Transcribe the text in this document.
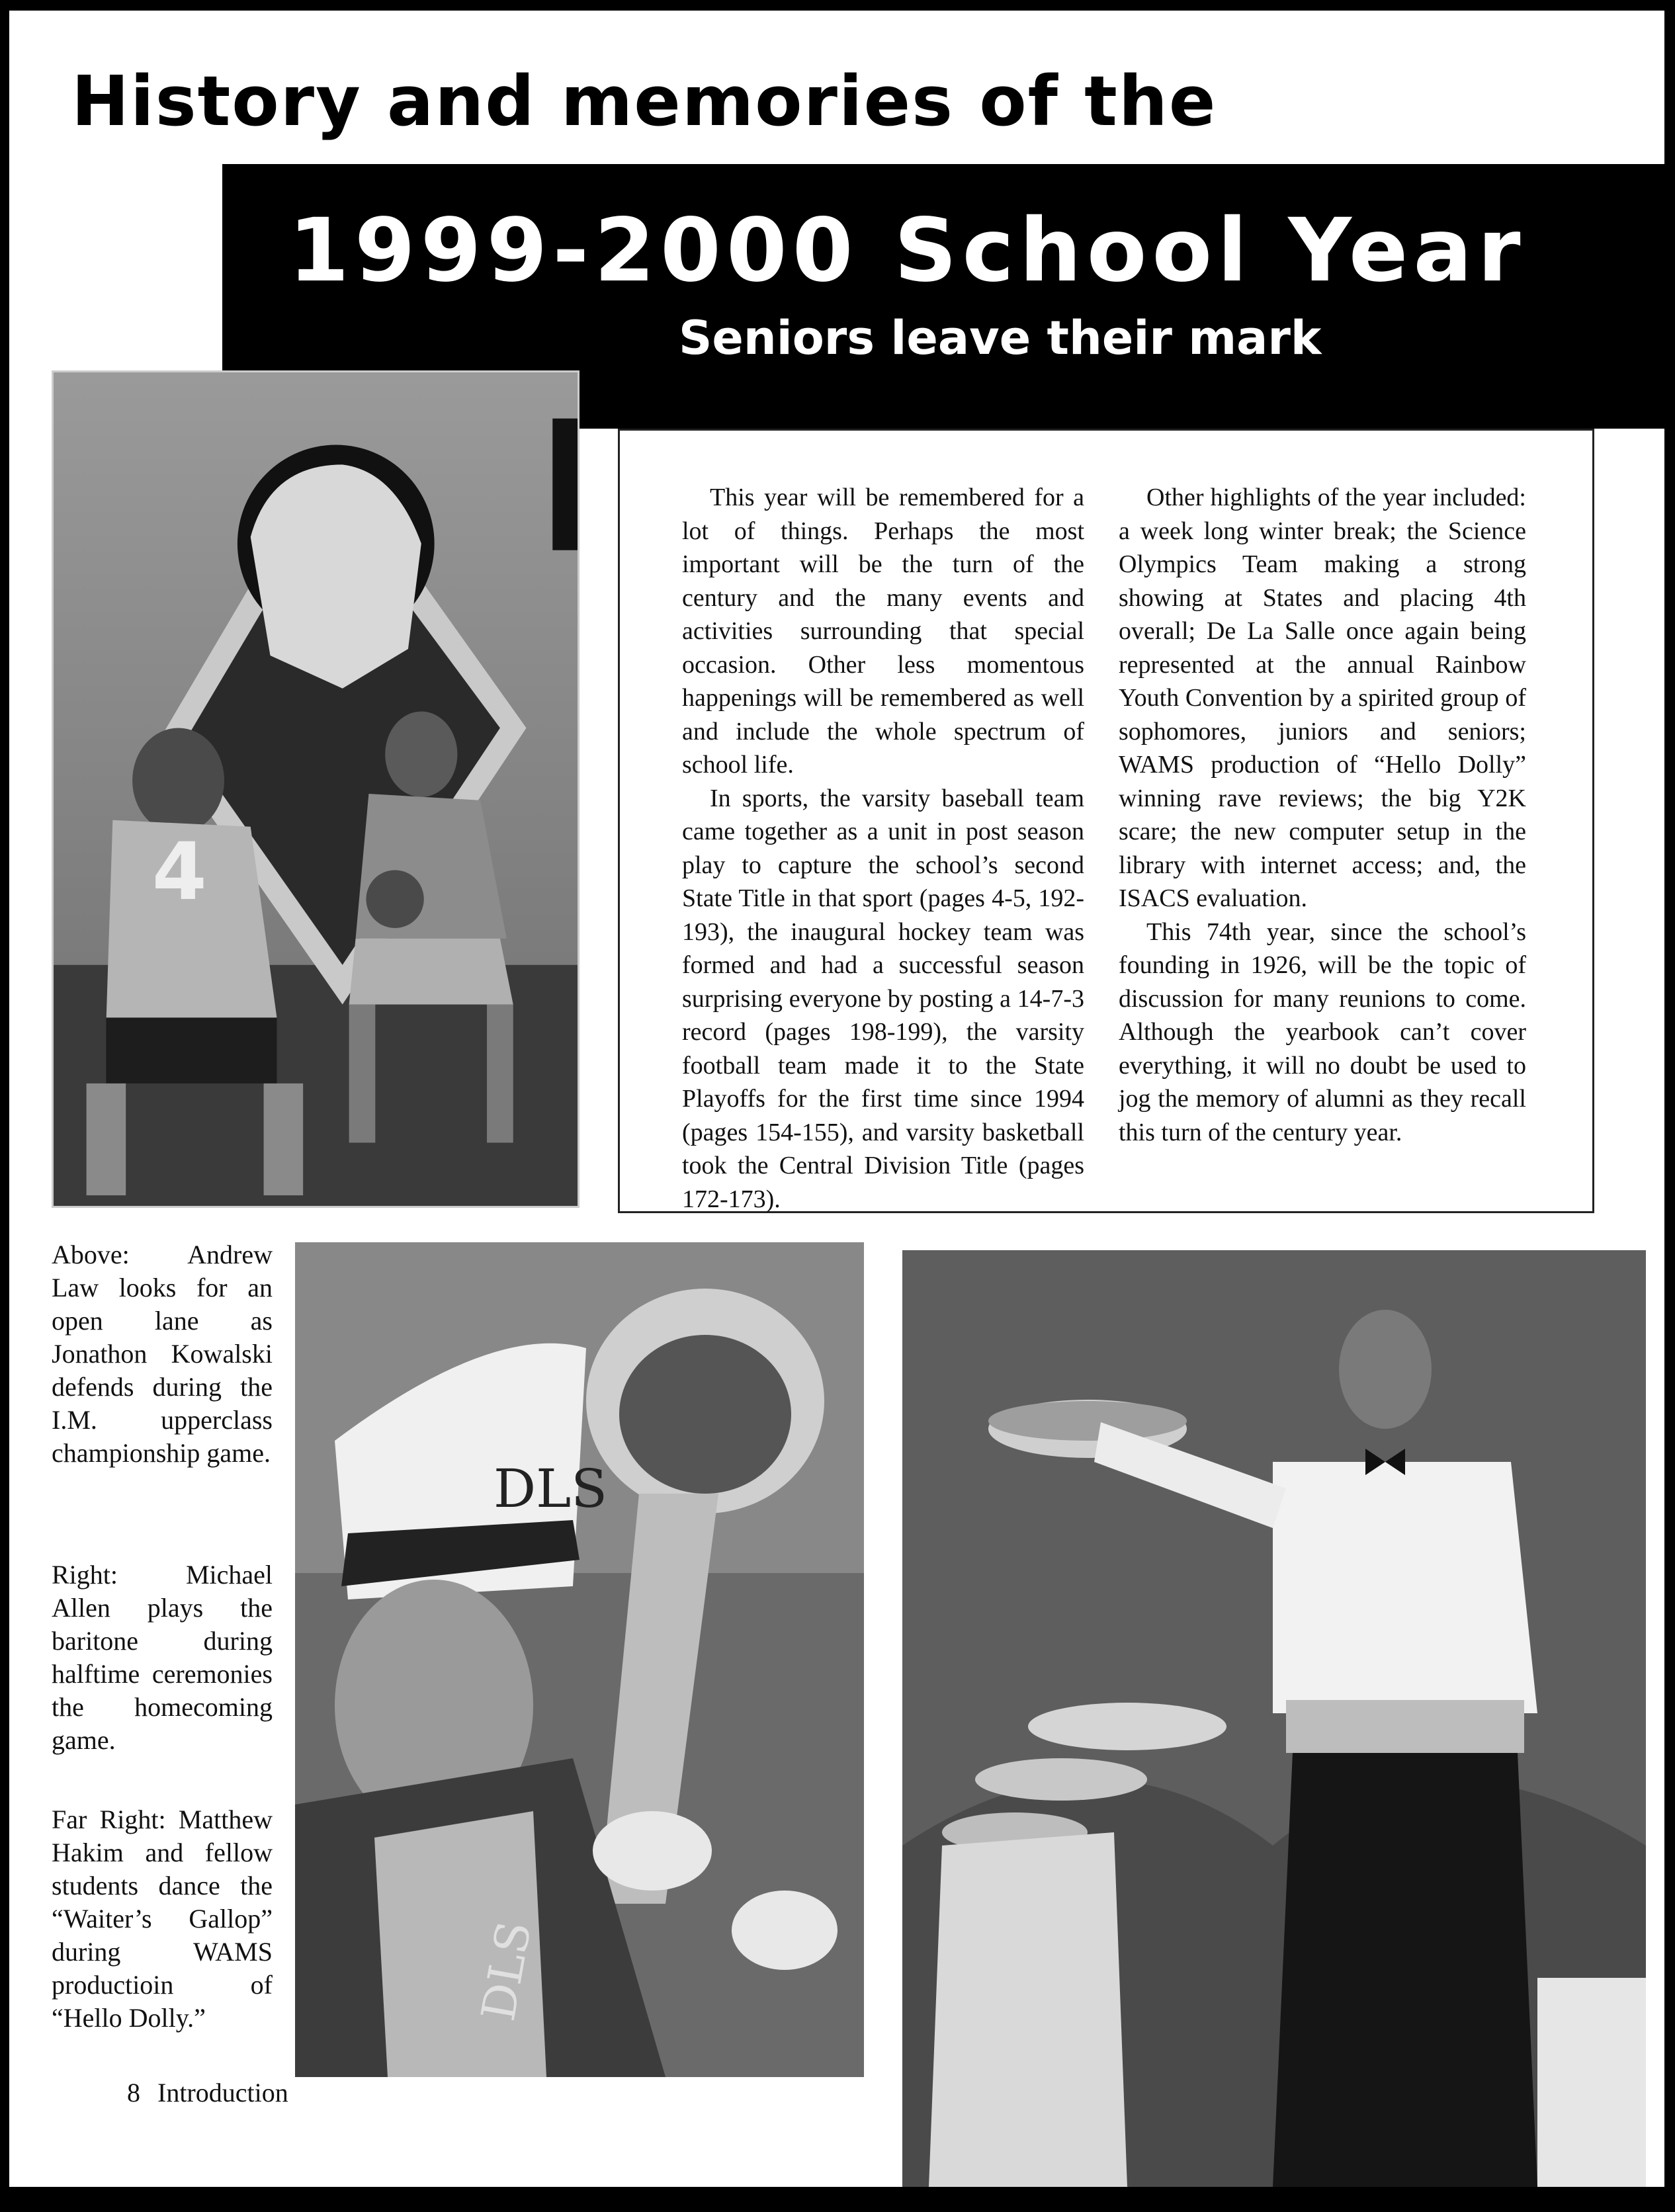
History and memories of the
1999-2000 School Year
Seniors leave their mark
4

This year will be remembered for a lot of things. Perhaps the most important will be the turn of the century and the many events and activities surrounding that special occasion. Other less momentous happenings will be remembered as well and include the whole spectrum of school life.

In sports, the varsity baseball team came together as a unit in post season play to capture the school’s second State Title in that sport (pages 4-5, 192-193), the inaugural hockey team was formed and had a successful season surprising everyone by posting a 14-7-3 record (pages 198-199), the varsity football team made it to the State Playoffs for the first time since 1994 (pages 154-155), and varsity basketball took the Central Division Title (pages 172-173).

Other highlights of the year included: a week long winter break; the Science Olympics Team making a strong showing at States and placing 4th overall; De La Salle once again being represented at the annual Rainbow Youth Convention by a spirited group of sophomores, juniors and seniors; WAMS production of “Hello Dolly” winning rave reviews; the big Y2K scare; the new computer setup in the library with internet access; and, the ISACS evaluation.

This 74th year, since the school’s founding in 1926, will be the topic of discussion for many reunions to come. Although the yearbook can’t cover everything, it will no doubt be used to jog the memory of alumni as they recall this turn of the century year.

Above: Andrew Law looks for an open lane as Jonathon Kowalski defends during the I.M. upperclass championship game.
Right: Michael Allen plays the baritone during halftime ceremonies the homecoming game.
Far Right: Matthew Hakim and fellow students dance the “Waiter’s Gallop” during WAMS productioin of “Hello Dolly.”
DLS
DLS
8 Introduction
